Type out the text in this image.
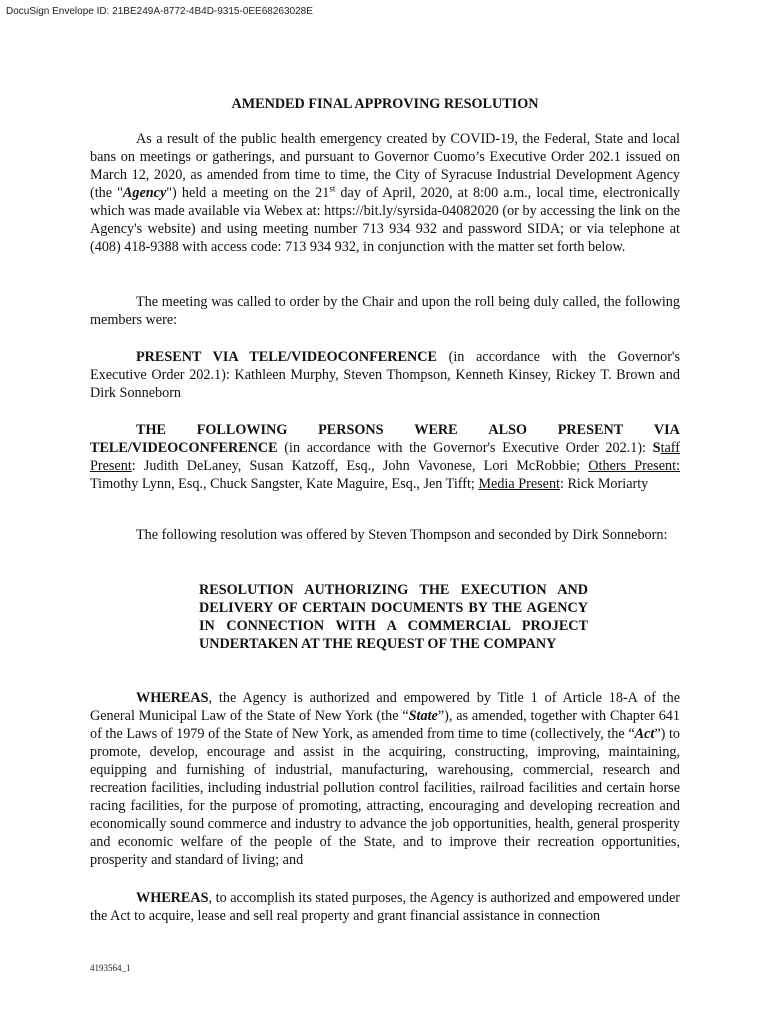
DocuSign Envelope ID: 21BE249A-8772-4B4D-9315-0EE68263028E
AMENDED FINAL APPROVING RESOLUTION

As a result of the public health emergency created by COVID-19, the Federal, State and local bans on meetings or gatherings, and pursuant to Governor Cuomo’s Executive Order 202.1 issued on March 12, 2020, as amended from time to time, the City of Syracuse Industrial Development Agency (the "Agency") held a meeting on the 21st day of April, 2020, at 8:00 a.m., local time, electronically which was made available via Webex at: https://bit.ly/syrsida-04082020 (or by accessing the link on the Agency's website) and using meeting number 713 934 932 and password SIDA; or via telephone at (408) 418-9388 with access code: 713 934 932, in conjunction with the matter set forth below.

The meeting was called to order by the Chair and upon the roll being duly called, the following members were:

PRESENT VIA TELE/VIDEOCONFERENCE (in accordance with the Governor's Executive Order 202.1): Kathleen Murphy, Steven Thompson, Kenneth Kinsey, Rickey T. Brown and Dirk Sonneborn

THE FOLLOWING PERSONS WERE ALSO PRESENT VIA

TELE/VIDEOCONFERENCE (in accordance with the Governor's Executive Order 202.1): Staff Present: Judith DeLaney, Susan Katzoff, Esq., John Vavonese, Lori McRobbie; Others Present: Timothy Lynn, Esq., Chuck Sangster, Kate Maguire, Esq., Jen Tifft; Media Present: Rick Moriarty

The following resolution was offered by Steven Thompson and seconded by Dirk Sonneborn:

RESOLUTION AUTHORIZING THE EXECUTION AND DELIVERY OF CERTAIN DOCUMENTS BY THE AGENCY IN CONNECTION WITH A COMMERCIAL PROJECT UNDERTAKEN AT THE REQUEST OF THE COMPANY

WHEREAS, the Agency is authorized and empowered by Title 1 of Article 18-A of the General Municipal Law of the State of New York (the “State”), as amended, together with Chapter 641 of the Laws of 1979 of the State of New York, as amended from time to time (collectively, the “Act”) to promote, develop, encourage and assist in the acquiring, constructing, improving, maintaining, equipping and furnishing of industrial, manufacturing, warehousing, commercial, research and recreation facilities, including industrial pollution control facilities, railroad facilities and certain horse racing facilities, for the purpose of promoting, attracting, encouraging and developing recreation and economically sound commerce and industry to advance the job opportunities, health, general prosperity and economic welfare of the people of the State, and to improve their recreation opportunities, prosperity and standard of living; and

WHEREAS, to accomplish its stated purposes, the Agency is authorized and empowered under the Act to acquire, lease and sell real property and grant financial assistance in connection

4193564_1
